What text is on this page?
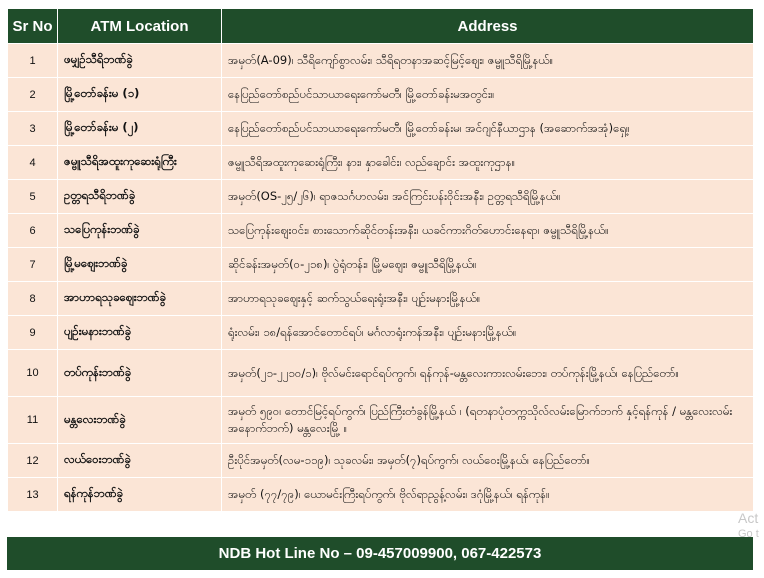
Sr No	ATM Location	Address
1	ဖမျှဉ်သီရိဘဏ်ခွဲ	အမှတ်(A-09)၊ သီရိကျော်စွာလမ်း၊ သီရိရတနာအဆင့်မြင့်ဈေး၊ ဇမ္ဗူသီရိမြို့နယ်။
2	မြို့တော်ခန်းမ (၁)	နေပြည်တော်စည်ပင်သာယာရေးကော်မတီ၊ မြို့တော်ခန်းမအတွင်း။
3	မြို့တော်ခန်းမ (၂)	နေပြည်တော်စည်ပင်သာယာရေးကော်မတီ၊ မြို့တော်ခန်းမ၊ အင်ဂျင်နီယာဌာန (အဆောက်အအုံ)ရှေ့။
4	ဇမ္ဗူသီရိအထူးကုဆေးရုံကြီး	ဇမ္ဗူသီရိအထူးကုဆေးရုံကြီး၊ နား၊ နှာခေါင်း၊ လည်ချောင်း အထူးကုဌာန။
5	ဥတ္တရသီရိဘဏ်ခွဲ	အမှတ်(OS-၂၅/၂၆)၊ ရာဇသင်္ဂဟလမ်း၊ အင်ကြင်းပန်းဝိုင်းအနီး၊ ဥတ္တရသီရိမြို့နယ်။
6	သပြေကုန်းဘဏ်ခွဲ	သပြေကုန်းဈေးဝင်း၊ စားသောက်ဆိုင်တန်းအနီး၊ ယခင်ကားဂိတ်ဟောင်းနေရာ၊ ဇမ္ဗူသီရိမြို့နယ်။
7	မြို့မဈေးဘဏ်ခွဲ	ဆိုင်ခန်းအမှတ်(ဝ-၂၁၈)၊ ပွဲရုံတန်း၊ မြို့မဈေး၊ ဇမ္ဗူသီရိမြို့နယ်။
8	အာဟာရသုခဈေးဘဏ်ခွဲ	အာဟာရသုခဈေးနှင့် ဆက်သွယ်ရေးရုံးအနီး၊ ပျဉ်းမနားမြို့နယ်။
9	ပျဉ်းမနားဘဏ်ခွဲ	ရုံးလမ်း၊ ၁၈/ရန်အောင်တောင်ရပ်၊ မင်္ဂလာရုံးကန်အနီး၊ ပျဉ်းမနားမြို့နယ်။
10	တပ်ကုန်းဘဏ်ခွဲ	အမှတ်(၂၁-၂၂၁၀/၁)၊ ဗိုလ်မင်းရောင်ရပ်ကွက်၊ ရန်ကုန်-မန္တလေးကားလမ်းဘေး၊ တပ်ကုန်းမြို့နယ်၊ နေပြည်တော်။
11	မန္တလေးဘဏ်ခွဲ	အမှတ် ၅၉၀၊ တောင်မြင့်ရပ်ကွက်၊ ပြည်ကြီးတံခွန်မြို့နယ် ၊ (ရတနာပုံတက္ကသိုလ်လမ်းမြောက်ဘက် နှင့်ရန်ကုန် / မန္တလေးလမ်းအနောက်ဘက်) မန္တလေးမြို့ ။
12	လယ်ဝေးဘဏ်ခွဲ	ဦးပိုင်အမှတ်(လမ-၁၁၉)၊ သုခလမ်း၊ အမှတ်(၇)ရပ်ကွက်၊ လယ်ဝေးမြို့နယ်၊ နေပြည်တော်။
13	ရန်ကုန်ဘဏ်ခွဲ	အမှတ် (၇၇/၇၉)၊ ယောမင်းကြီးရပ်ကွက်၊ ဗိုလ်ရာညွန့်လမ်း၊ ဒဂုံမြို့နယ်၊ ရန်ကုန်။
NDB Hot Line No – 09-457009900, 067-422573
Act
Go t
